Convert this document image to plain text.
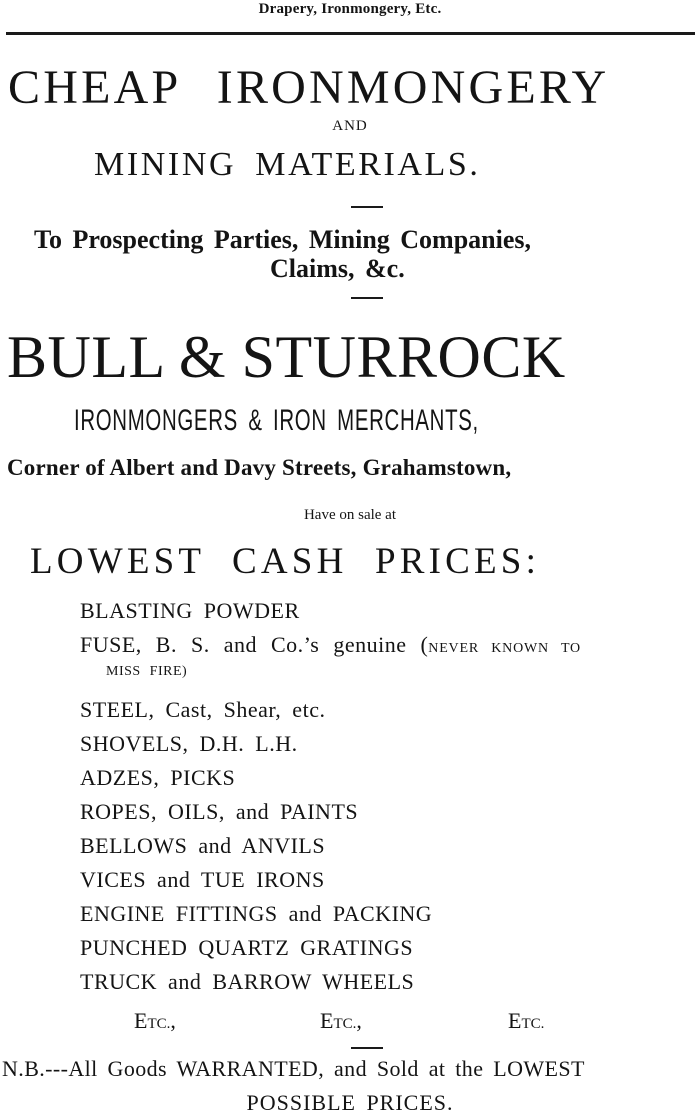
Drapery, Ironmongery, Etc.
CHEAP IRONMONGERY
AND
MINING MATERIALS.
To Prospecting Parties, Mining Companies,
Claims, &c.
BULL & STURROCK
IRONMONGERS & IRON MERCHANTS,
Corner of Albert and Davy Streets, Grahamstown,
Have on sale at
LOWEST CASH PRICES:
BLASTING POWDER
FUSE, B. S. and Co.’s genuine (NEVER KNOWN TO
MISS FIRE)
STEEL, Cast, Shear, etc.
SHOVELS, D.H. L.H.
ADZES, PICKS
ROPES, OILS, and PAINTS
BELLOWS and ANVILS
VICES and TUE IRONS
ENGINE FITTINGS and PACKING
PUNCHED QUARTZ GRATINGS
TRUCK and BARROW WHEELS
ETC.,	ETC.,	ETC.
N.B.---All Goods WARRANTED, and Sold at the LOWEST
POSSIBLE PRICES.
